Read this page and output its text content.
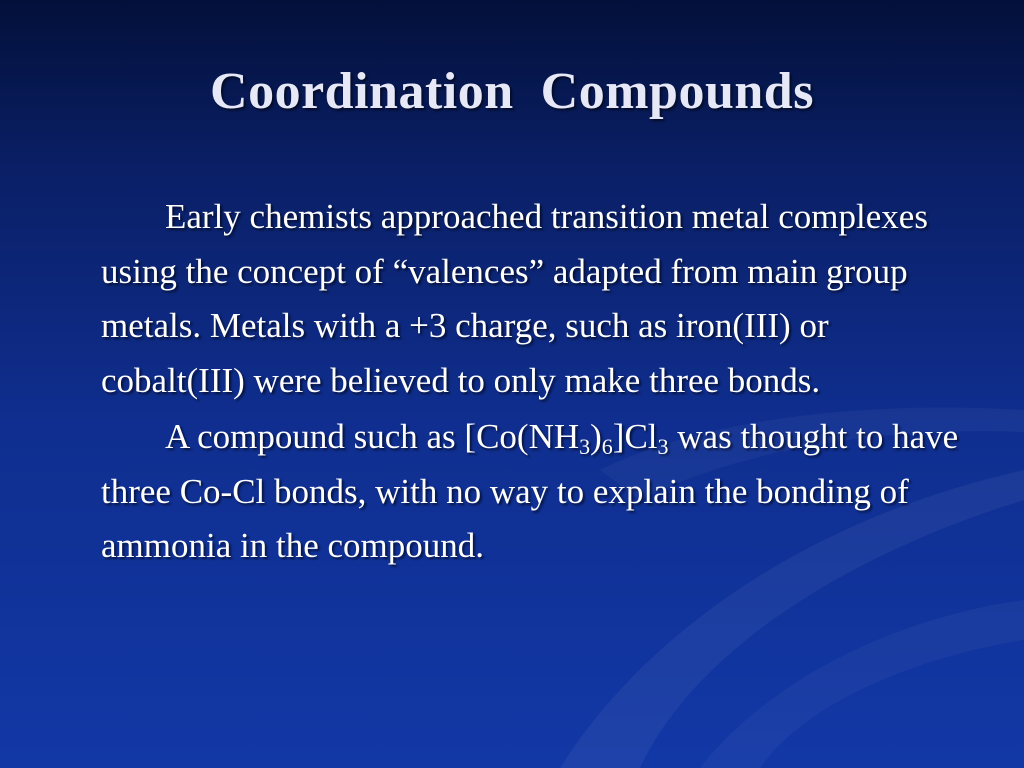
Coordination  Compounds

Early chemists approached transition metal complexes using the concept of “valences” adapted from main group metals. Metals with a +3 charge, such as iron(III) or cobalt(III) were believed to only make three bonds.

A compound such as $[Co(NH_3)_6]Cl_3$ was thought to have three Co-Cl bonds, with no way to explain the bonding of ammonia in the compound.
